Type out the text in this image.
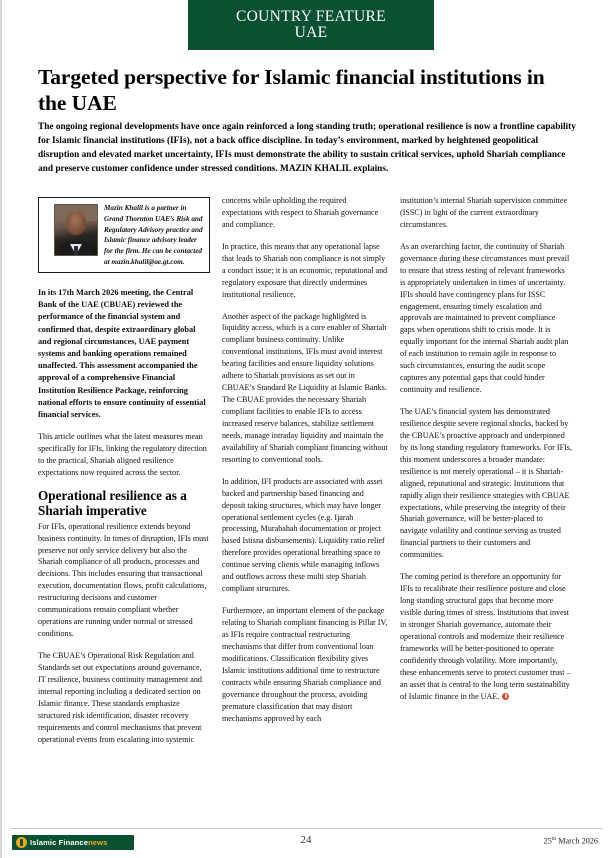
COUNTRY FEATURE
UAE
Targeted perspective for Islamic financial institutions in the UAE
The ongoing regional developments have once again reinforced a long standing truth; operational resilience is now a frontline capability for Islamic financial institutions (IFIs), not a back office discipline. In today’s environment, marked by heightened geopolitical disruption and elevated market uncertainty, IFIs must demonstrate the ability to sustain critical services, uphold Shariah compliance and preserve customer confidence under stressed conditions. MAZIN KHALIL explains.

In its 17th March 2026 meeting, the Central Bank of the UAE (CBUAE) reviewed the performance of the financial system and confirmed that, despite extraordinary global and regional circumstances, UAE payment systems and banking operations remained unaffected. This assessment accompanied the approval of a comprehensive Financial Institution Resilience Package, reinforcing national efforts to ensure continuity of essential financial services.

This article outlines what the latest measures mean specifically for IFIs, linking the regulatory direction to the practical, Shariah aligned resilience expectations now required across the sector.

Operational resilience as a Shariah imperative

For IFIs, operational resilience extends beyond business continuity. In times of disruption, IFIs must preserve not only service delivery but also the Shariah compliance of all products, processes and decisions. This includes ensuring that transactional execution, documentation flows, profit calculations, restructuring decisions and customer communications remain compliant whether operations are running under normal or stressed conditions.

The CBUAE’s Operational Risk Regulation and Standards set out expectations around governance, IT resilience, business continuity management and internal reporting including a dedicated section on Islamic finance. These standards emphasize structured risk identification, disaster recovery requirements and control mechanisms that prevent operational events from escalating into systemic

Mazin Khalil is a partner in Grand Thornton UAE’s Risk and Regulatory Advisory practice and Islamic finance advisory leader for the firm. He can be contacted at mazin.khalil@ae.gt.com.

concerns while upholding the required expectations with respect to Shariah governance and compliance.

In practice, this means that any operational lapse that leads to Shariah non compliance is not simply a conduct issue; it is an economic, reputational and regulatory exposure that directly undermines institutional resilience.

Another aspect of the package highlighted is liquidity access, which is a core enabler of Shariah compliant business continuity. Unlike conventional institutions, IFIs must avoid interest bearing facilities and ensure liquidity solutions adhere to Shariah provisions as set out in CBUAE’s Standard Re Liquidity at Islamic Banks. The CBUAE provides the necessary Shariah compliant facilities to enable IFIs to access increased reserve balances, stabilize settlement needs, manage intraday liquidity and maintain the availability of Shariah compliant financing without resorting to conventional tools.

In addition, IFI products are associated with asset backed and partnership based financing and deposit taking structures, which may have longer operational settlement cycles (e.g. Ijarah processing, Murabahah documentation or project based Istisna disbursements). Liquidity ratio relief therefore provides operational breathing space to continue serving clients while managing inflows and outflows across these multi step Shariah compliant structures.

Furthermore, an important element of the package relating to Shariah compliant financing is Pillar IV, as IFIs require contractual restructuring mechanisms that differ from conventional loan modifications. Classification flexibility gives Islamic institutions additional time to restructure contracts while ensuring Shariah compliance and governance throughout the process, avoiding premature classification that may distort mechanisms approved by each

institution’s internal Shariah supervision committee (ISSC) in light of the current extraordinary circumstances.

As an overarching factor, the continuity of Shariah governance during these circumstances must prevail to ensure that stress testing of relevant frameworks is appropriately undertaken in times of uncertainty. IFIs should have contingency plans for ISSC engagement, ensuring timely escalation and approvals are maintained to prevent compliance gaps when operations shift to crisis mode. It is equally important for the internal Shariah audit plan of each institution to remain agile in response to such circumstances, ensuring the audit scope captures any potential gaps that could hinder continuity and resilience.

The UAE’s financial system has demonstrated resilience despite severe regional shocks, backed by the CBUAE’s proactive approach and underpinned by its long standing regulatory frameworks. For IFIs, this moment underscores a broader mandate: resilience is not merely operational – it is Shariah-aligned, reputational and strategic. Institutions that rapidly align their resilience strategies with CBUAE expectations, while preserving the integrity of their Shariah governance, will be better-placed to navigate volatility and continue serving as trusted financial partners to their customers and communities.

The coming period is therefore an opportunity for IFIs to recalibrate their resilience posture and close long standing structural gaps that become more visible during times of stress. Institutions that invest in stronger Shariah governance, automate their operational controls and modernize their resilience frameworks will be better-positioned to operate confidently through volatility. More importantly, these enhancements serve to protect customer trust – an asset that is central to the long term sustainability of Islamic finance in the UAE.

Islamic Financenews	24	25th March 2026
